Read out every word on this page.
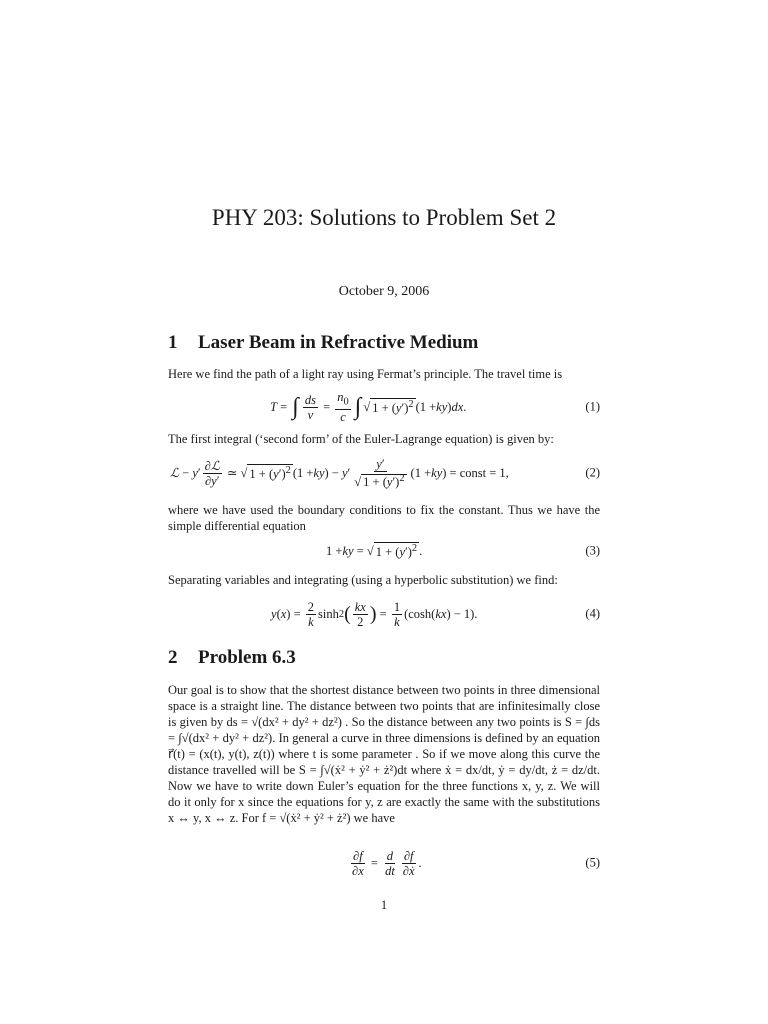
PHY 203: Solutions to Problem Set 2
October 9, 2006
1 Laser Beam in Refractive Medium
Here we find the path of a light ray using Fermat’s principle. The travel time is
T = ∫ $\frac{ds}{v} = \frac{n_0}{c}$ ∫ √ $1 + (y')^2$ (1 + ky ) dx .	(1)
The first integral (‘second form’ of the Euler-Lagrange equation) is given by:
ℒ − y ′ $\frac{\text{∂ℒ}}{\partial y'}$ ≃ √ $1 + (y')^2$ (1 + ky ) − y ′ $\frac{y'}{√ 1 + (y')^2} (1$ + ky ) = const = 1,	(2)
where we have used the boundary conditions to fix the constant. Thus we have the simple differential equation
1 + ky = √ $1 + (y')^2$ .	(3)
Separating variables and integrating (using a hyperbolic substitution) we find:
y ( x ) = $\frac{2}{k}$ sinh 2 ( $\frac{kx}{2}$ ) = $\frac{1}{k} (\cosh$( kx ) − 1).	(4)
2 Problem 6.3
Our goal is to show that the shortest distance between two points in three dimensional space is a straight line. The distance between two points that are infinitesimally close is given by ds = √(dx² + dy² + dz²) . So the distance between any two points is S = ∫ds = ∫√(dx² + dy² + dz²). In general a curve in three dimensions is defined by an equation r⃗(t) = (x(t), y(t), z(t)) where t is some parameter . So if we move along this curve the distance travelled will be S = ∫√(ẋ² + ẏ² + ż²)dt where ẋ = dx/dt, ẏ = dy/dt, ż = dz/dt. Now we have to write down Euler’s equation for the three functions x, y, z. We will do it only for x since the equations for y, z are exactly the same with the substitutions x ↔ y, x ↔ z. For f = √(ẋ² + ẏ² + ż²) we have
$\frac{\partial f}{\partial x} = \frac{d}{dt} \frac{\partial f}{\text{∂ẋ}}$ .	(5)
1
